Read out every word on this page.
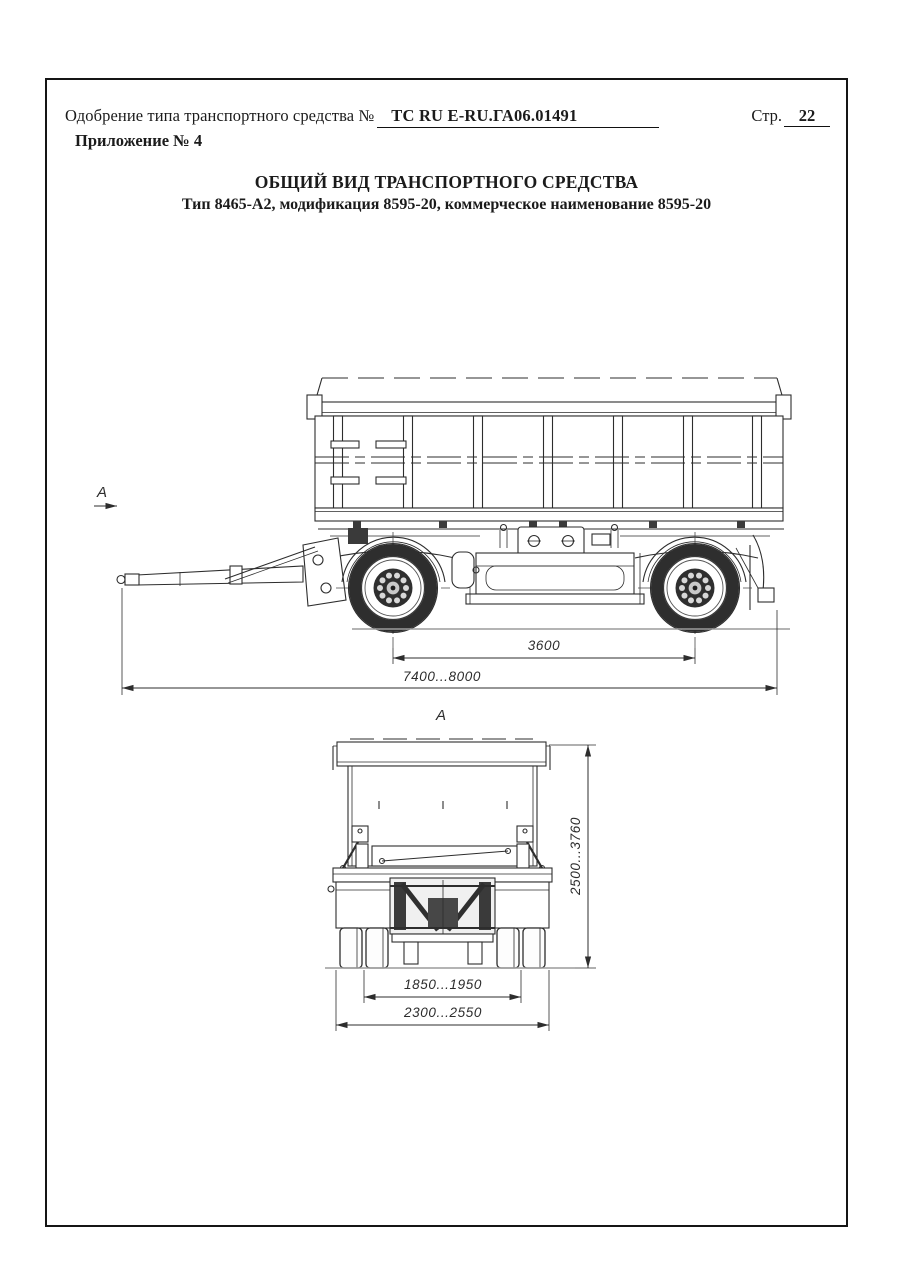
Одобрение типа транспортного средства №	ТС RU E-RU.ГА06.01491	Стр.	22
Приложение № 4
ОБЩИЙ ВИД ТРАНСПОРТНОГО СРЕДСТВА
Тип 8465-А2, модификация 8595-20, коммерческое наименование 8595-20
3600
7400...8000
A
A
1850...1950
2300...2550
2500...3760
